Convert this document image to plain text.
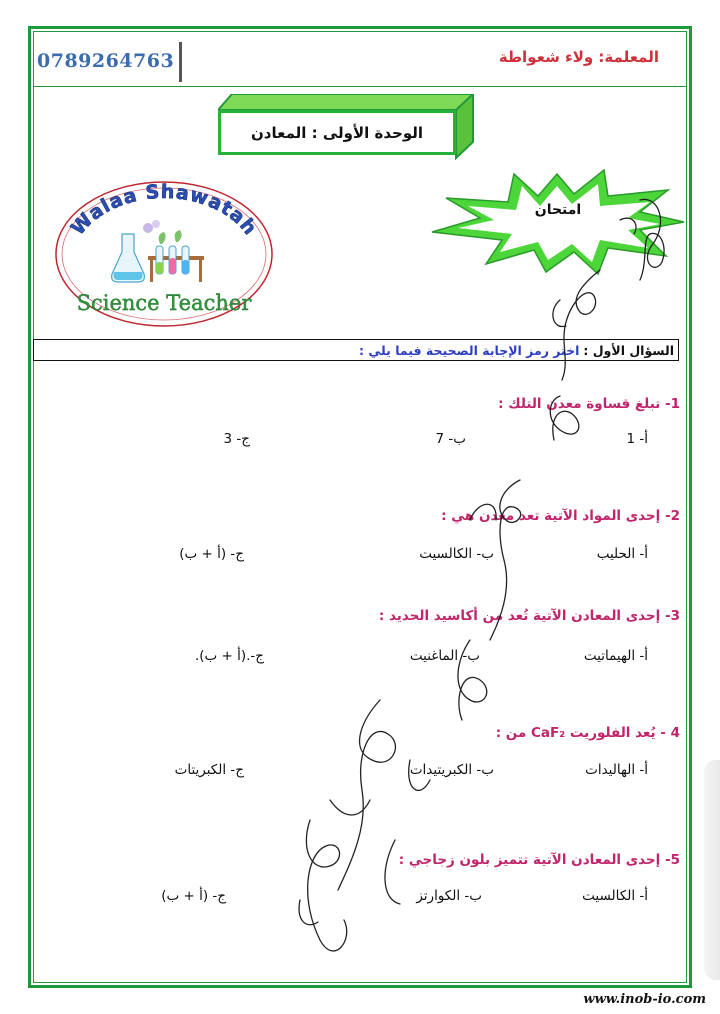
0789264763	المعلمة: ولاء شعواطة
الوحدة الأولى : المعادن
Walaa Shawatah
Science Teacher
امتحان
السؤال الأول :
اختر رمز الإجابة الصحيحة فيما يلي :
1- تبلغ قساوة معدن التلك :
أ- 1
ب- 7
ج- 3
2- إحدى المواد الآتية تعد معدن هي :
أ- الحليب
ب- الكالسيت
ج- (أ + ب)
3- إحدى المعادن الآتية تُعد من أكاسيد الحديد :
أ- الهيماتيت
ب- الماغنيت
ج-.(أ + ب).
4 - يُعد الفلوريت CaF₂ من :
أ- الهاليدات
ب- الكبريتيدات
ج- الكبريتات
5- إحدى المعادن الآتية تتميز بلون زجاجي :
أ- الكالسيت
ب- الكوارتز
ج- (أ + ب)
www.inob-io.com
